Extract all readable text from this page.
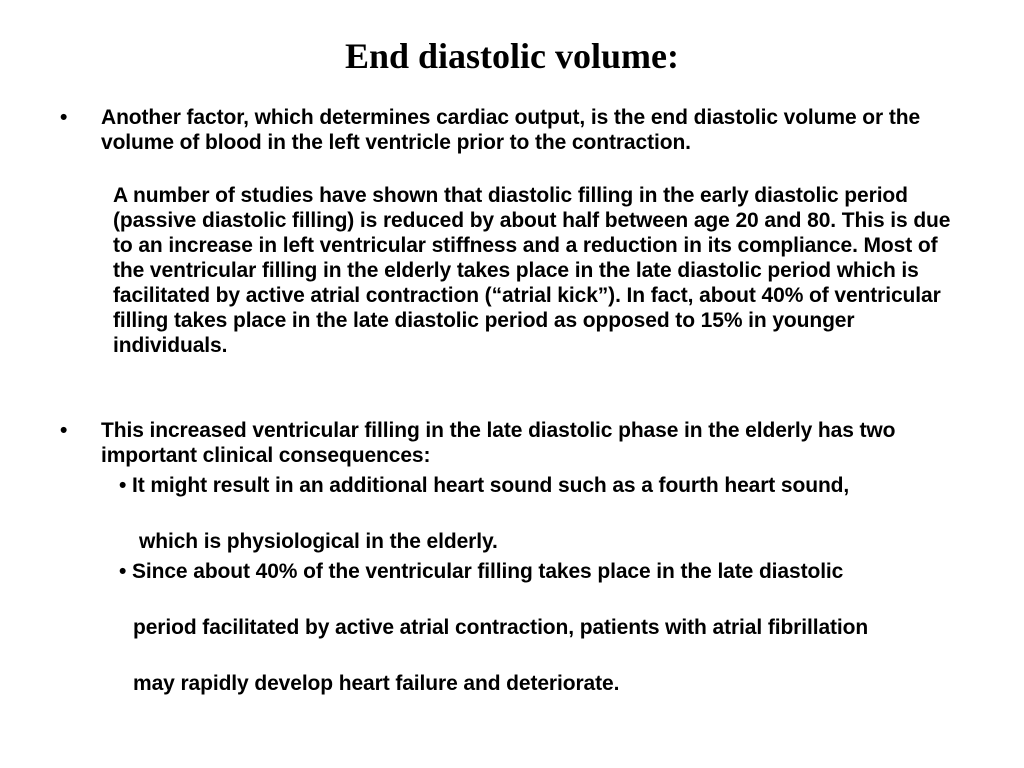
End diastolic volume:
•	Another factor, which determines cardiac output, is the end diastolic volume or the volume of blood in the left ventricle prior to the contraction.

A number of studies have shown that diastolic filling in the early diastolic period (passive diastolic filling) is reduced by about half between age 20 and 80. This is due to an increase in left ventricular stiffness and a reduction in its compliance. Most of the ventricular filling in the elderly takes place in the late diastolic period which is facilitated by active atrial contraction (“atrial kick”). In fact, about 40% of ventricular filling takes place in the late diastolic period as opposed to 15% in younger individuals.

•	This increased ventricular filling in the late diastolic phase in the elderly has two important clinical consequences:

• It might result in an additional heart sound such as a fourth heart sound,

which is physiological in the elderly.

• Since about 40% of the ventricular filling takes place in the late diastolic

period facilitated by active atrial contraction, patients with atrial fibrillation

may rapidly develop heart failure and deteriorate.
